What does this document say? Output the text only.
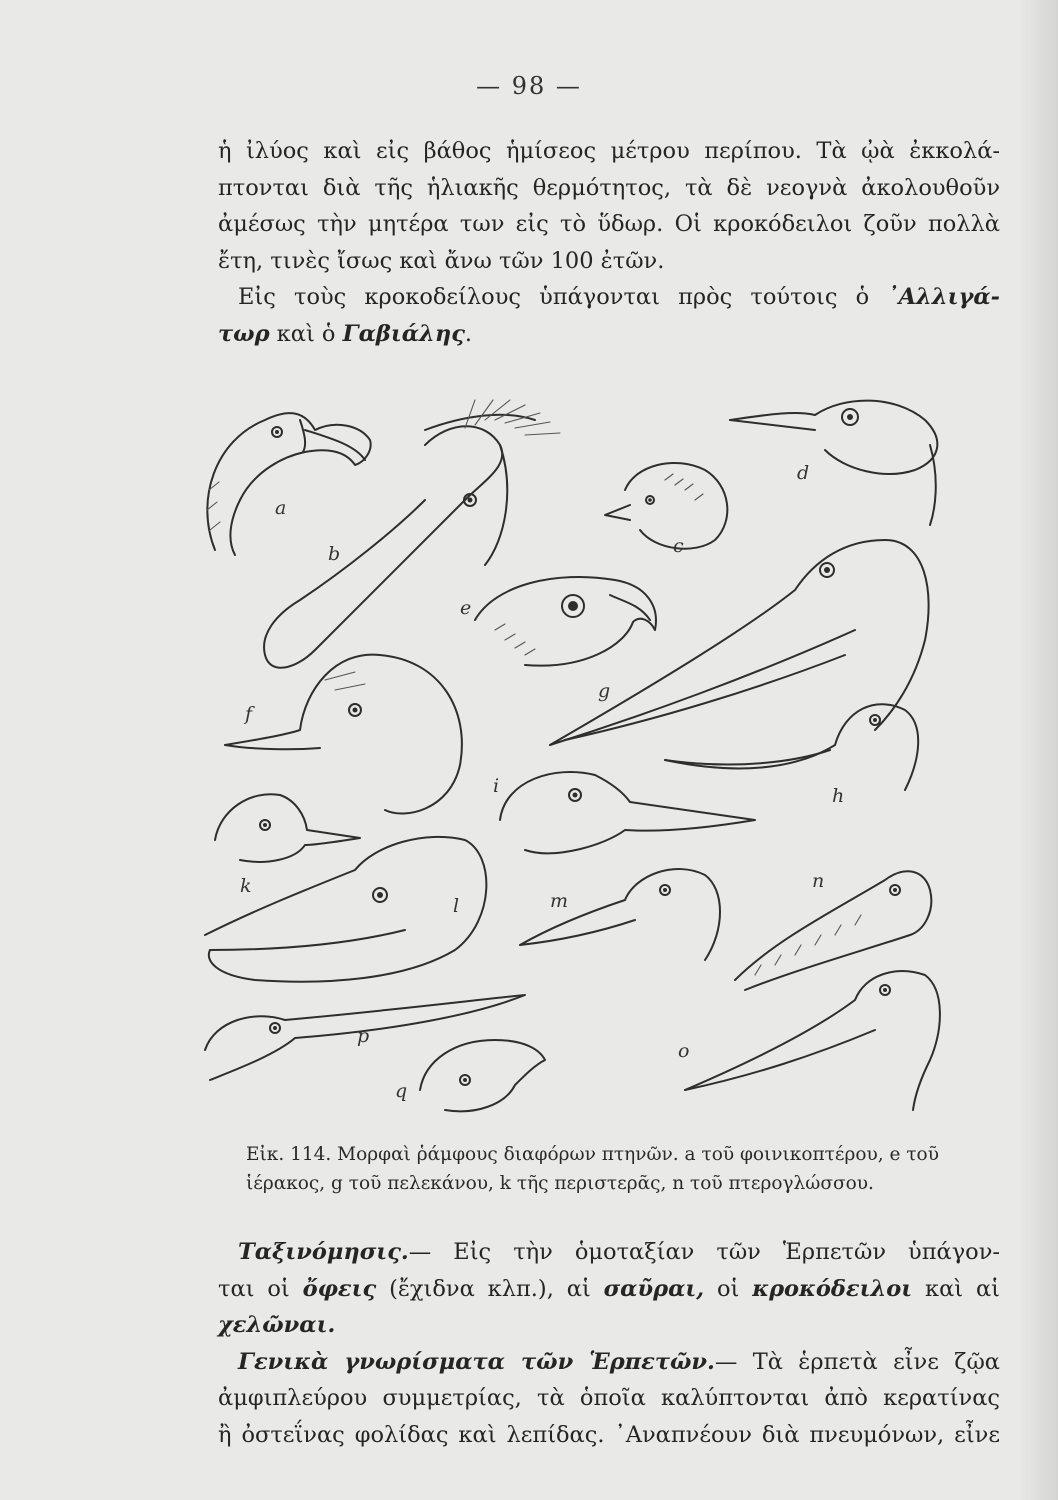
— 98 —
ἡ ἰλύος καὶ εἰς βάθος ἡμίσεος μέτρου περίπου. Τὰ ᾠὰ ἐκκολά-
πτονται διὰ τῆς ἡλιακῆς θερμότητος, τὰ δὲ νεογνὰ ἀκολουθοῦν
ἀμέσως τὴν μητέρα των εἰς τὸ ὕδωρ. Οἱ κροκόδειλοι ζοῦν πολλὰ
ἔτη, τινὲς ἴσως καὶ ἄνω τῶν 100 ἐτῶν.
Εἰς τοὺς κροκοδείλους ὑπάγονται πρὸς τούτοις ὁ ᾿Αλλιγά-
τωρ καὶ ὁ Γαβιάλης.
a
b	c
d
e
f
g
h
i
k
l	m
n
o
p
q
Εἰκ. 114. Μορφαὶ ῥάμφους διαφόρων πτηνῶν. a τοῦ φοινικοπτέρου, e τοῦ
ἱέρακος, g τοῦ πελεκάνου, k τῆς περιστερᾶς, n τοῦ πτερογλώσσου.
Ταξινόμησις.— Εἰς τὴν ὁμοταξίαν τῶν Ἑρπετῶν ὑπάγον-
ται οἱ ὄφεις (ἔχιδνα κλπ.), αἱ σαῦραι, οἱ κροκόδειλοι καὶ αἱ
χελῶναι.
Γενικὰ γνωρίσματα τῶν Ἑρπετῶν.— Τὰ ἑρπετὰ εἶνε ζῷα
ἀμφιπλεύρου συμμετρίας, τὰ ὁποῖα καλύπτονται ἀπὸ κερατίνας
ἢ ὀστεΐνας φολίδας καὶ λεπίδας. ᾿Αναπνέουν διὰ πνευμόνων, εἶνε
